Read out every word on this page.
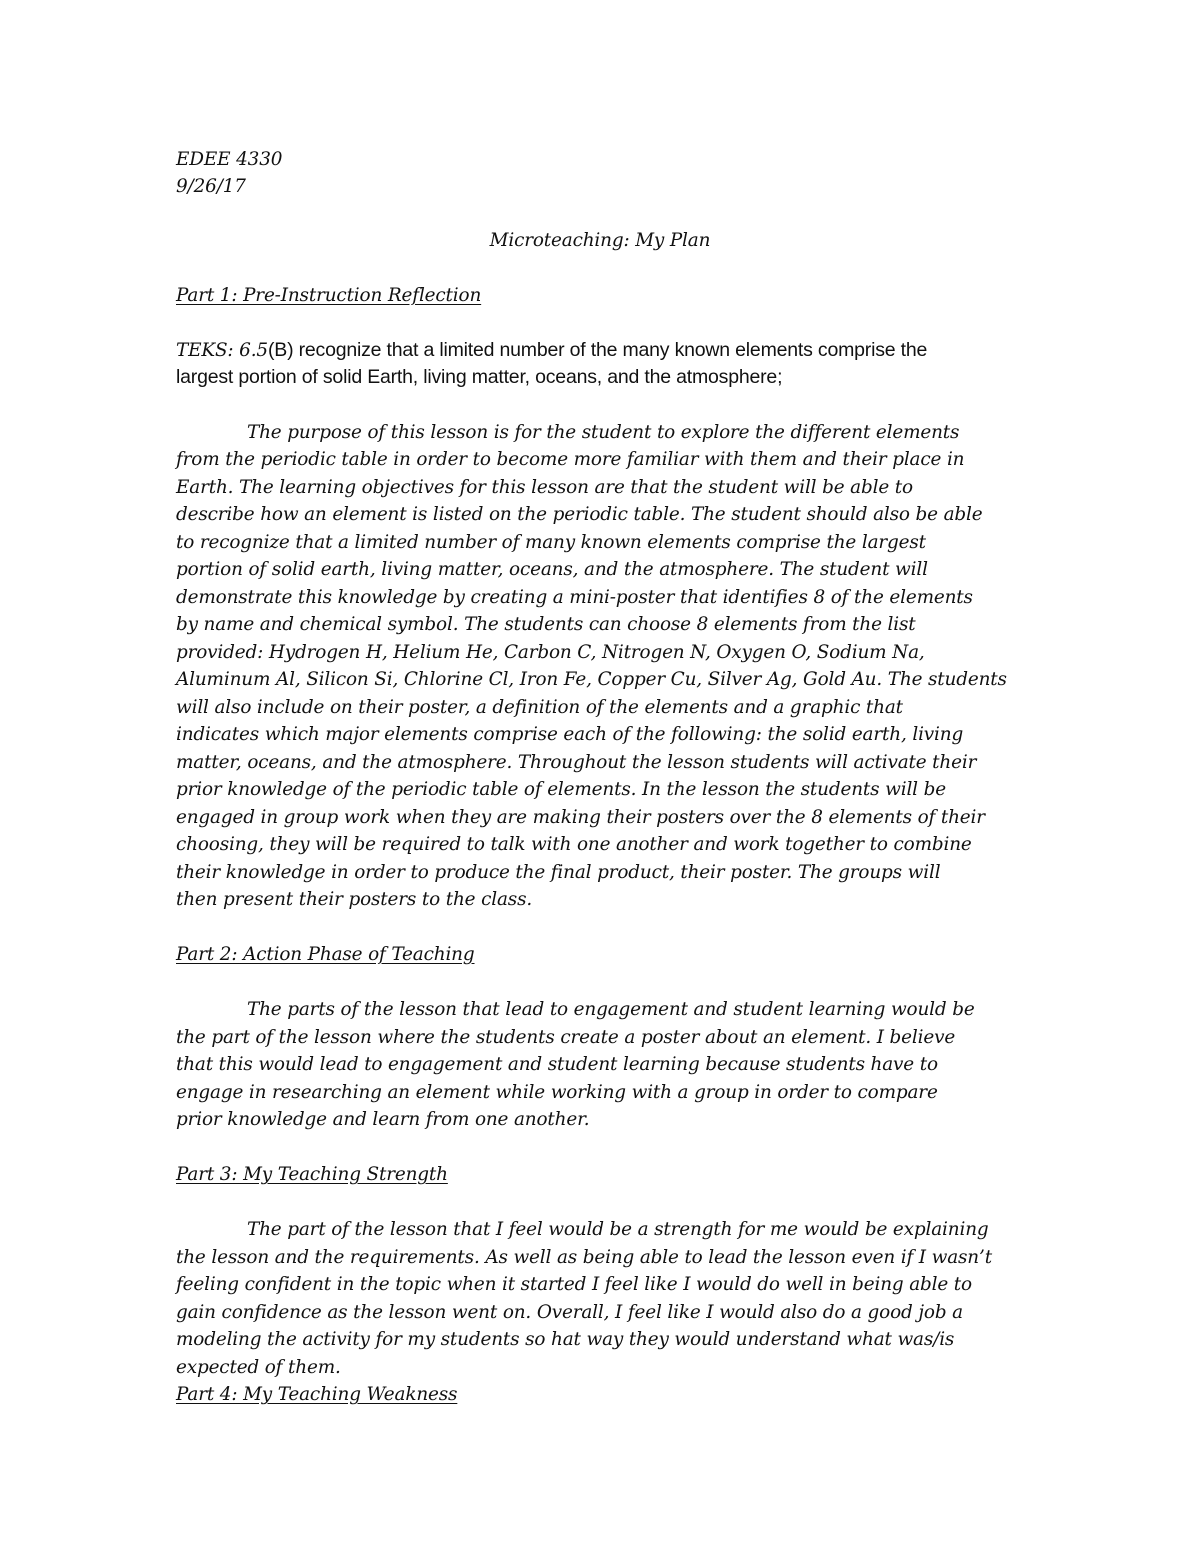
EDEE 4330
9/26/17
Microteaching: My Plan
Part 1: Pre-Instruction Reflection
TEKS: 6.5(B) recognize that a limited number of the many known elements comprise the
largest portion of solid Earth, living matter, oceans, and the atmosphere;
The purpose of this lesson is for the student to explore the different elements
from the periodic table in order to become more familiar with them and their place in
Earth. The learning objectives for this lesson are that the student will be able to
describe how an element is listed on the periodic table. The student should also be able
to recognize that a limited number of many known elements comprise the largest
portion of solid earth, living matter, oceans, and the atmosphere. The student will
demonstrate this knowledge by creating a mini-poster that identifies 8 of the elements
by name and chemical symbol. The students can choose 8 elements from the list
provided: Hydrogen H, Helium He, Carbon C, Nitrogen N, Oxygen O, Sodium Na,
Aluminum Al, Silicon Si, Chlorine Cl, Iron Fe, Copper Cu, Silver Ag, Gold Au. The students
will also include on their poster, a definition of the elements and a graphic that
indicates which major elements comprise each of the following: the solid earth, living
matter, oceans, and the atmosphere. Throughout the lesson students will activate their
prior knowledge of the periodic table of elements. In the lesson the students will be
engaged in group work when they are making their posters over the 8 elements of their
choosing, they will be required to talk with one another and work together to combine
their knowledge in order to produce the final product, their poster. The groups will
then present their posters to the class.
Part 2: Action Phase of Teaching
The parts of the lesson that lead to engagement and student learning would be
the part of the lesson where the students create a poster about an element. I believe
that this would lead to engagement and student learning because students have to
engage in researching an element while working with a group in order to compare
prior knowledge and learn from one another.
Part 3: My Teaching Strength
The part of the lesson that I feel would be a strength for me would be explaining
the lesson and the requirements. As well as being able to lead the lesson even if I wasn’t
feeling confident in the topic when it started I feel like I would do well in being able to
gain confidence as the lesson went on. Overall, I feel like I would also do a good job a
modeling the activity for my students so hat way they would understand what was/is
expected of them.
Part 4: My Teaching Weakness
